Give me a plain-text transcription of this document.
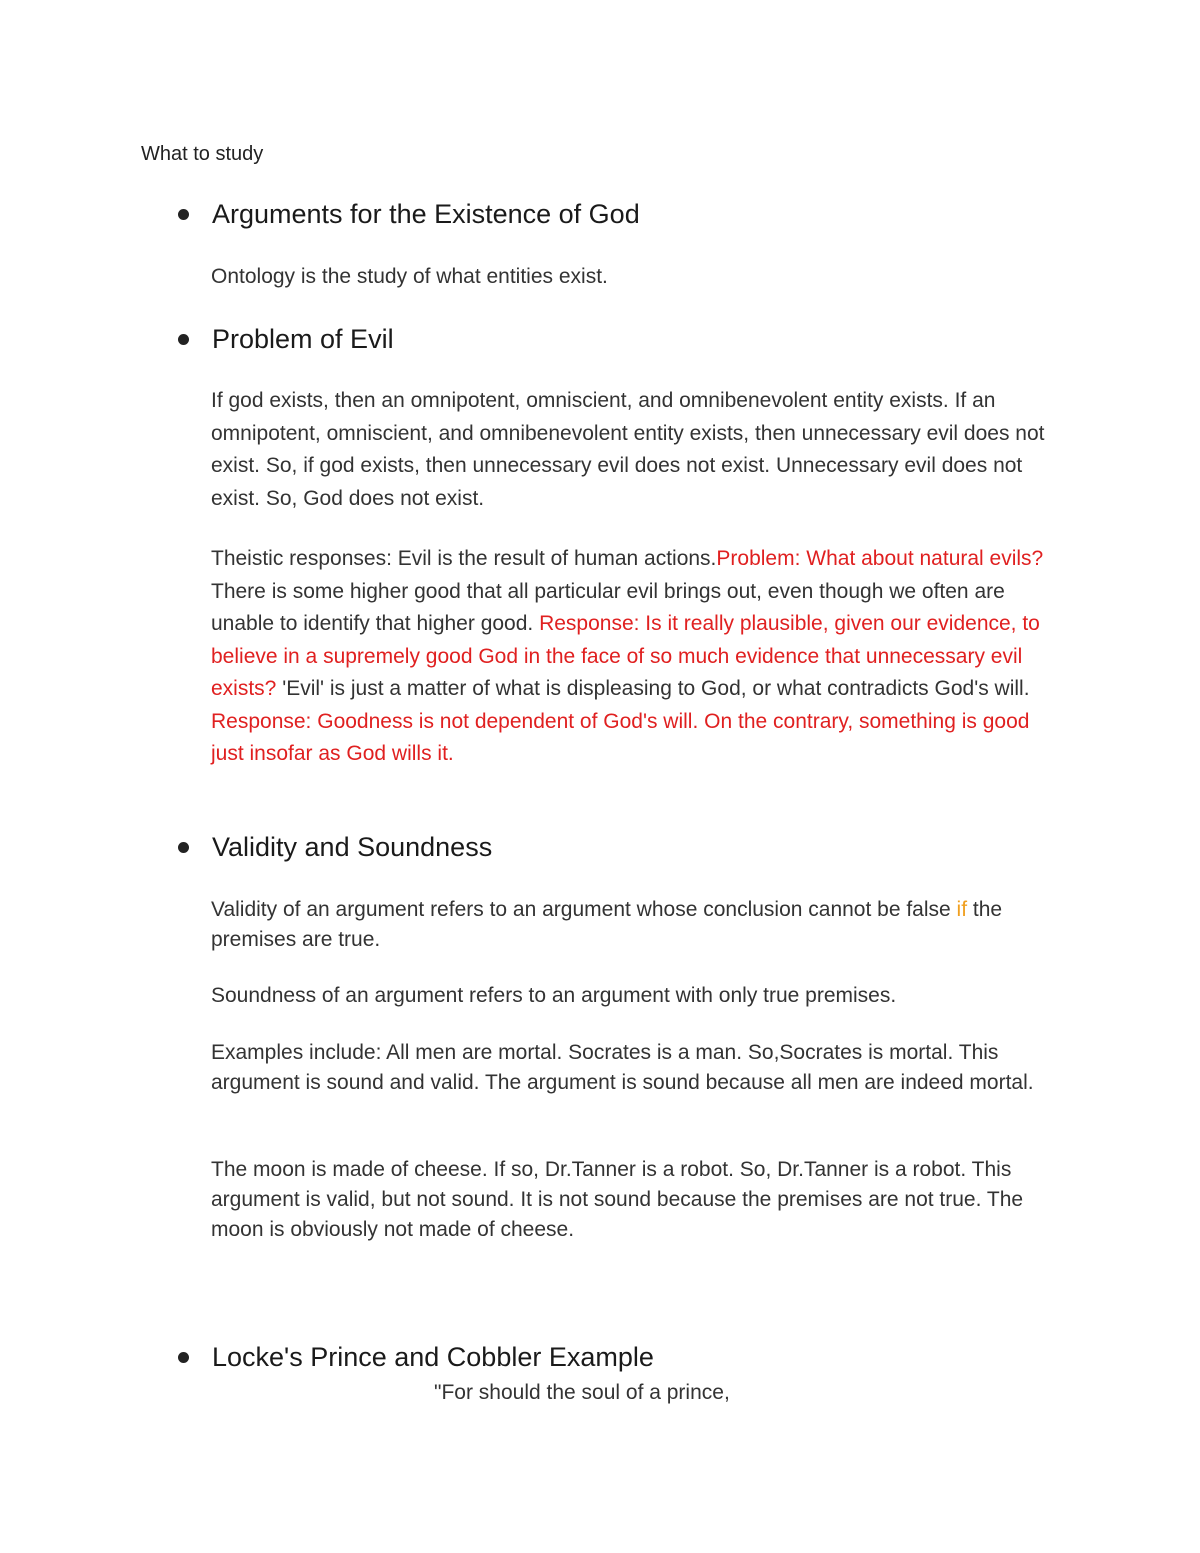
What to study
Arguments for the Existence of God

Ontology is the study of what entities exist.

Problem of Evil

If god exists, then an omnipotent, omniscient, and omnibenevolent entity exists. If an omnipotent, omniscient, and omnibenevolent entity exists, then unnecessary evil does not exist. So, if god exists, then unnecessary evil does not exist. Unnecessary evil does not exist. So, God does not exist.

Theistic responses: Evil is the result of human actions.Problem: What about natural evils? There is some higher good that all particular evil brings out, even though we often are unable to identify that higher good. Response: Is it really plausible, given our evidence, to believe in a supremely good God in the face of so much evidence that unnecessary evil exists? 'Evil' is just a matter of what is displeasing to God, or what contradicts God's will. Response: Goodness is not dependent of God's will. On the contrary, something is good just insofar as God wills it.

Validity and Soundness

Validity of an argument refers to an argument whose conclusion cannot be false if the premises are true.

Soundness of an argument refers to an argument with only true premises.

Examples include: All men are mortal. Socrates is a man. So,Socrates is mortal. This argument is sound and valid. The argument is sound because all men are indeed mortal.

The moon is made of cheese. If so, Dr.Tanner is a robot. So, Dr.Tanner is a robot. This argument is valid, but not sound. It is not sound because the premises are not true. The moon is obviously not made of cheese.

Locke's Prince and Cobbler Example
"For should the soul of a prince,
